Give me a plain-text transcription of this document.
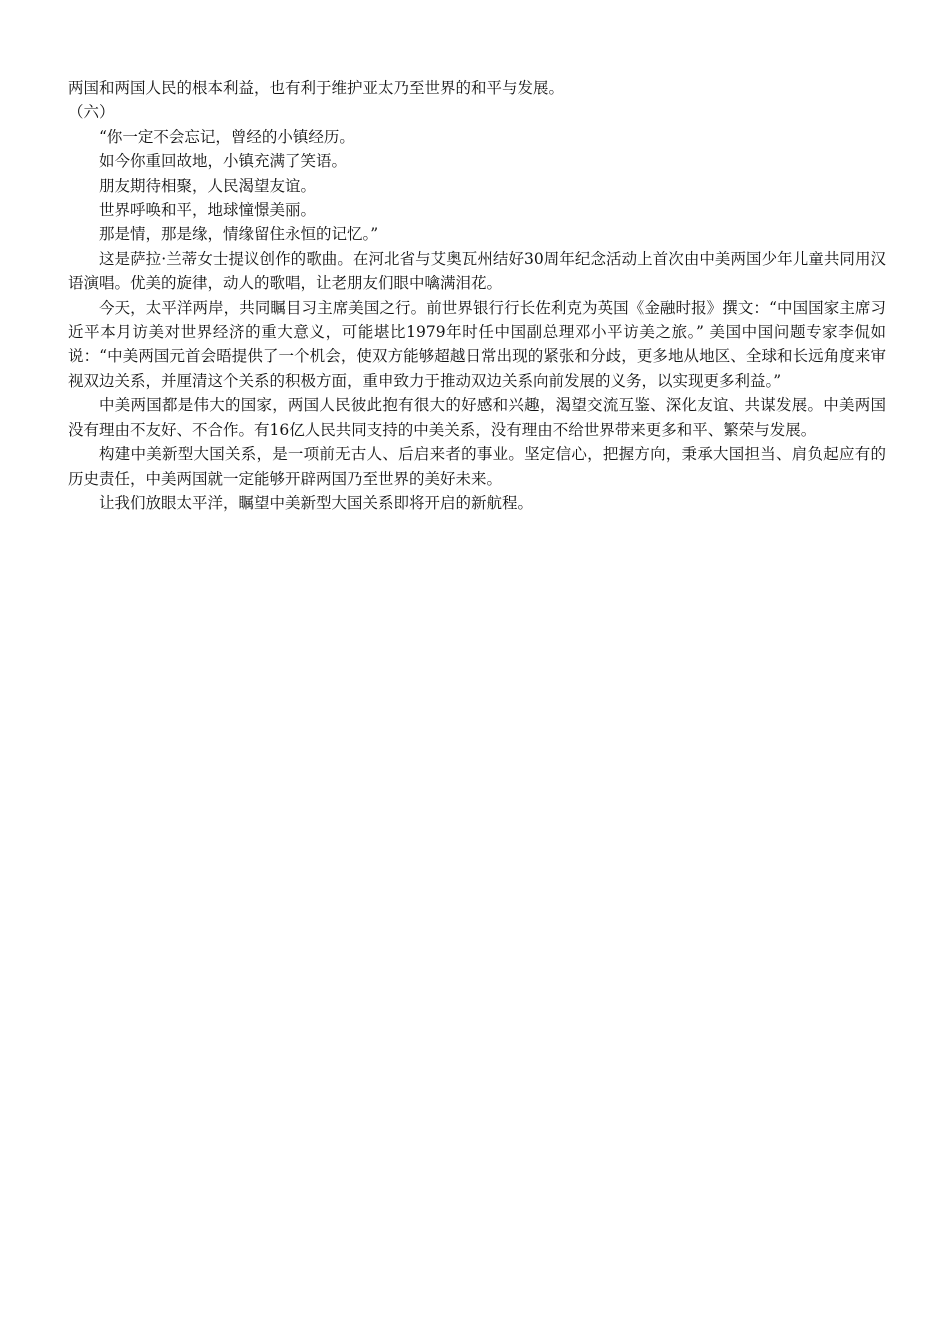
两国和两国人民的根本利益，也有利于维护亚太乃至世界的和平与发展。

（六）

“你一定不会忘记，曾经的小镇经历。

如今你重回故地，小镇充满了笑语。

朋友期待相聚，人民渴望友谊。

世界呼唤和平，地球憧憬美丽。

那是情，那是缘，情缘留住永恒的记忆。”

这是萨拉·兰蒂女士提议创作的歌曲。在河北省与艾奥瓦州结好30周年纪念活动上首次由中美两国少年儿童共同用汉语演唱。优美的旋律，动人的歌唱，让老朋友们眼中噙满泪花。

今天，太平洋两岸，共同瞩目习主席美国之行。前世界银行行长佐利克为英国《金融时报》撰文：“中国国家主席习近平本月访美对世界经济的重大意义，可能堪比1979年时任中国副总理邓小平访美之旅。” 美国中国问题专家李侃如说：“中美两国元首会晤提供了一个机会，使双方能够超越日常出现的紧张和分歧，更多地从地区、全球和长远角度来审视双边关系，并厘清这个关系的积极方面，重申致力于推动双边关系向前发展的义务，以实现更多利益。”

中美两国都是伟大的国家，两国人民彼此抱有很大的好感和兴趣，渴望交流互鉴、深化友谊、共谋发展。中美两国没有理由不友好、不合作。有16亿人民共同支持的中美关系，没有理由不给世界带来更多和平、繁荣与发展。

构建中美新型大国关系，是一项前无古人、后启来者的事业。坚定信心，把握方向，秉承大国担当、肩负起应有的历史责任，中美两国就一定能够开辟两国乃至世界的美好未来。

让我们放眼太平洋，瞩望中美新型大国关系即将开启的新航程。
